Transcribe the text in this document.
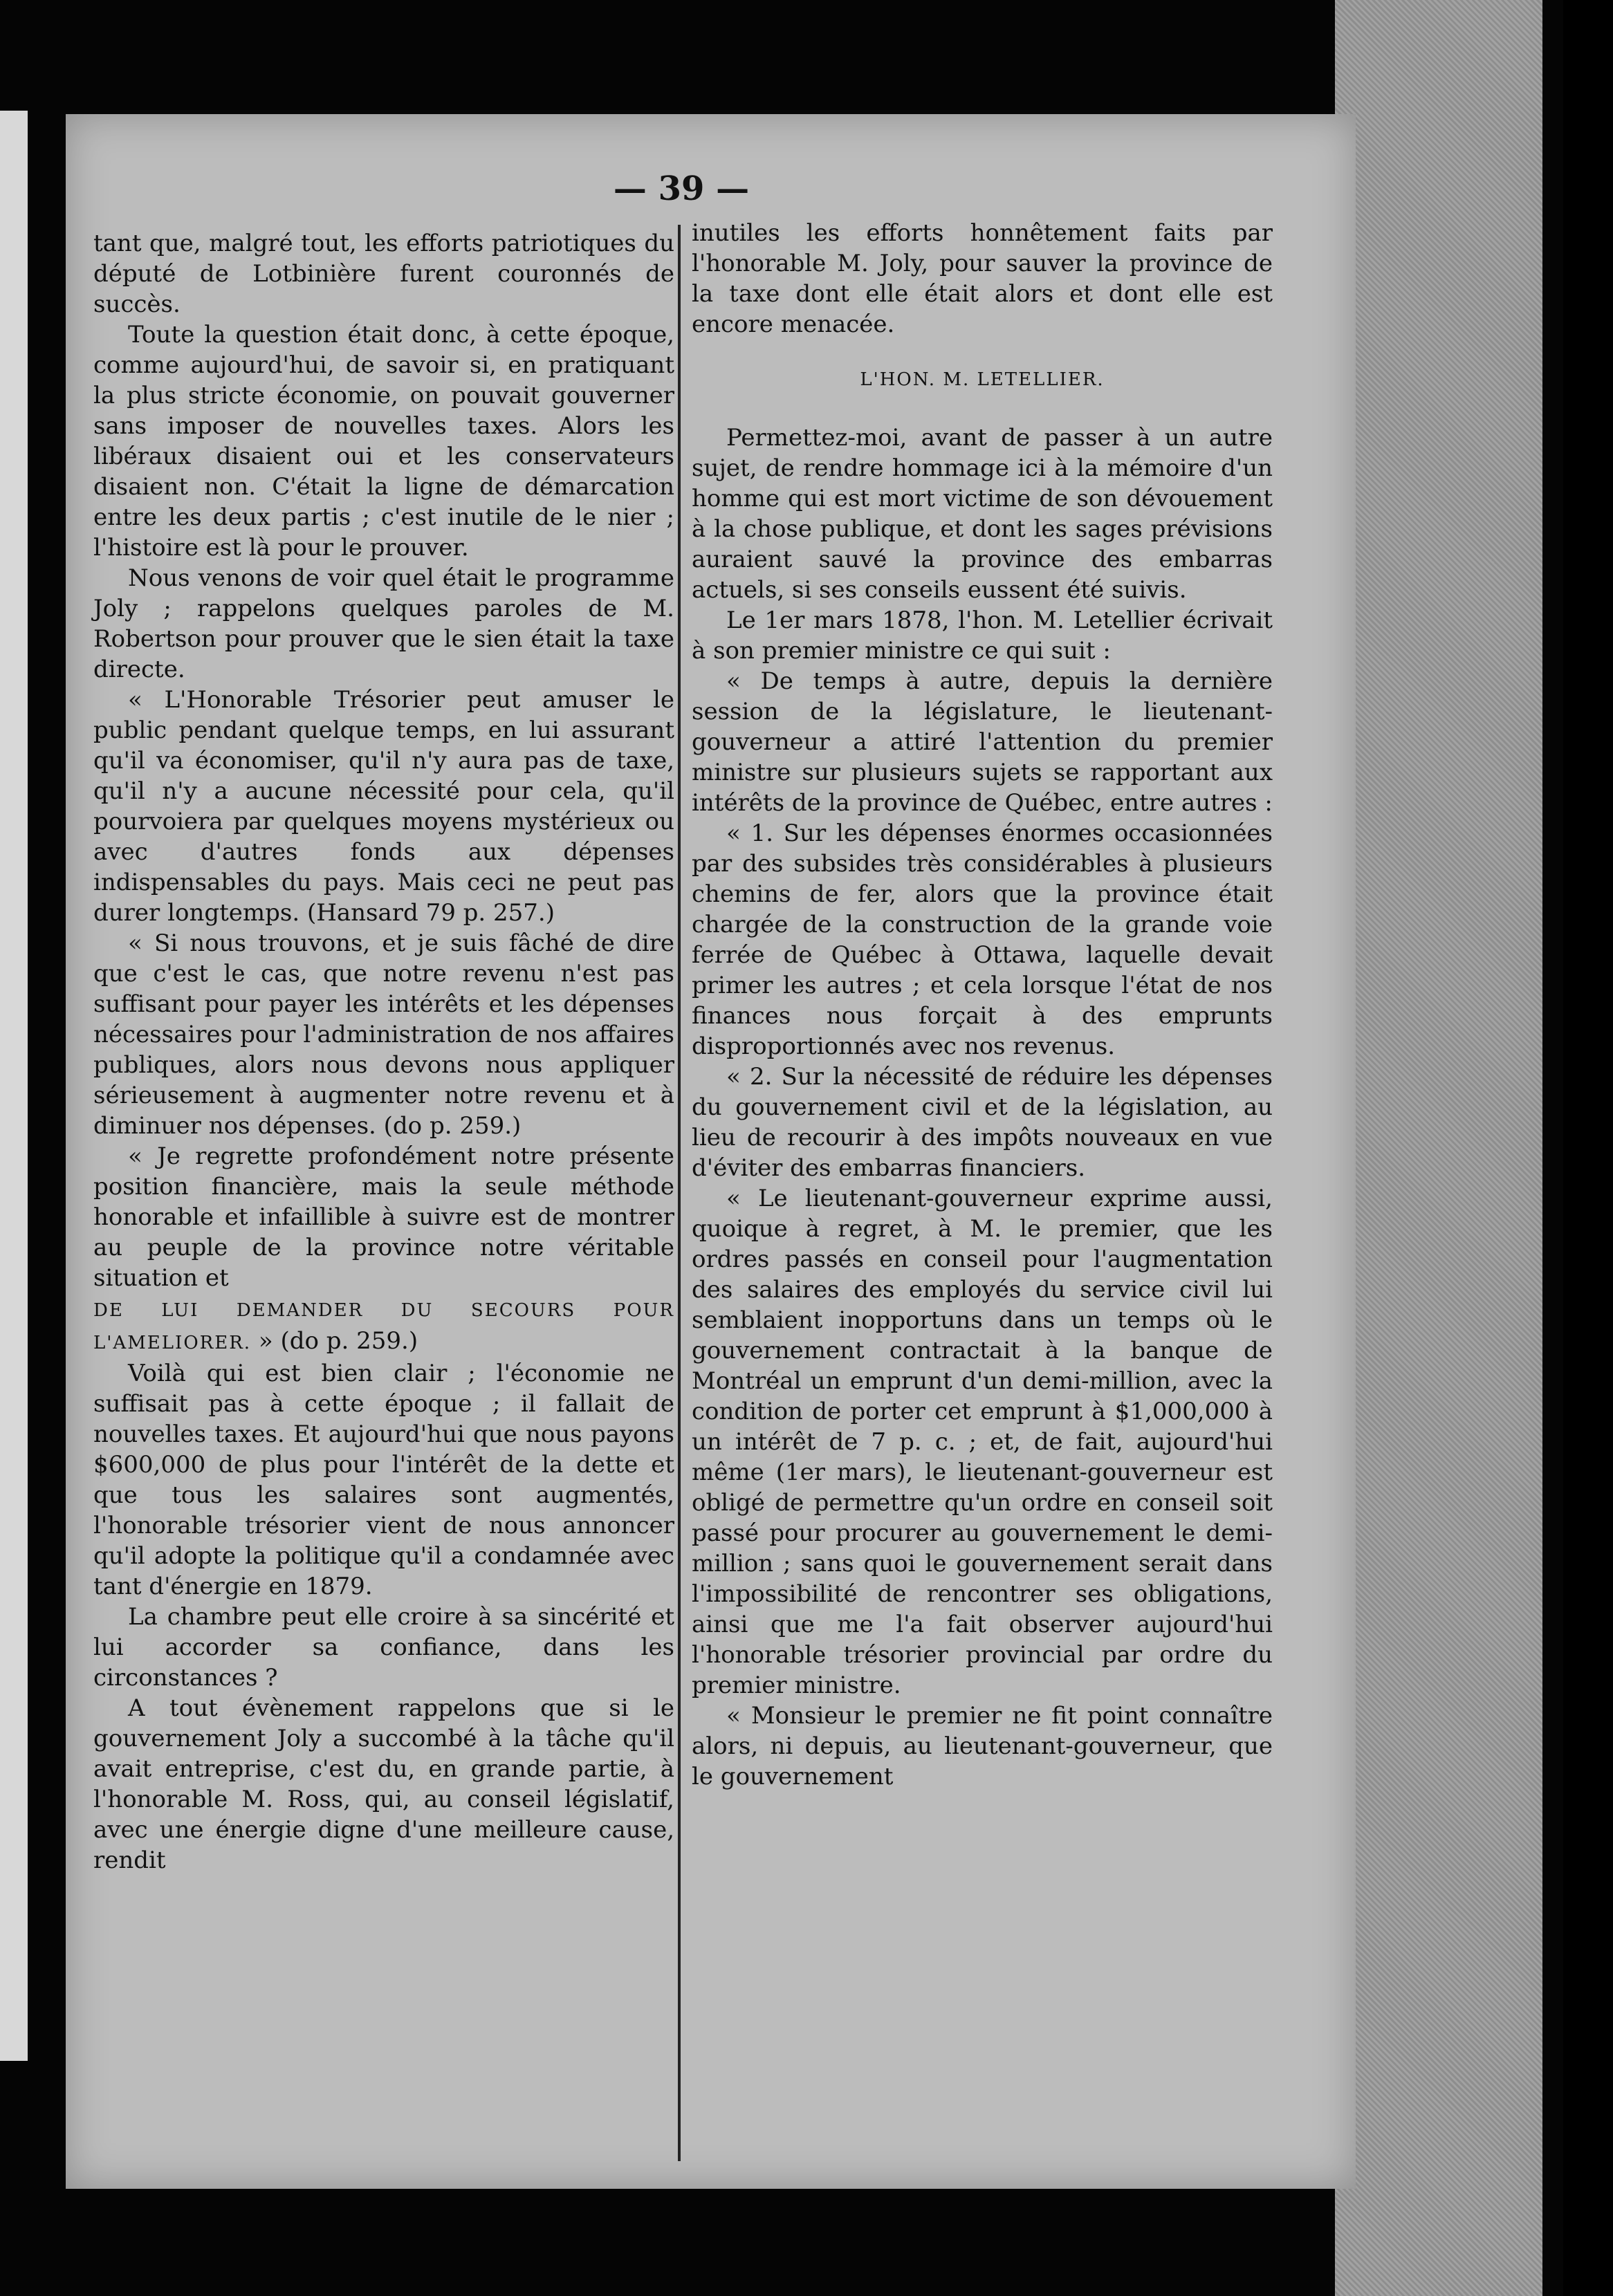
— 39 —

tant que, malgré tout, les efforts patriotiques du député de Lotbinière furent couronnés de succès.

Toute la question était donc, à cette époque, comme aujourd'hui, de savoir si, en pratiquant la plus stricte économie, on pouvait gouverner sans imposer de nouvelles taxes. Alors les libéraux disaient oui et les conservateurs disaient non. C'était la ligne de démarcation entre les deux partis ; c'est inutile de le nier ; l'histoire est là pour le prouver.

Nous venons de voir quel était le programme Joly ; rappelons quelques paroles de M. Robertson pour prouver que le sien était la taxe directe.

« L'Honorable Trésorier peut amuser le public pendant quelque temps, en lui assurant qu'il va économiser, qu'il n'y aura pas de taxe, qu'il n'y a aucune nécessité pour cela, qu'il pourvoiera par quelques moyens mystérieux ou avec d'autres fonds aux dépenses indispensables du pays. Mais ceci ne peut pas durer longtemps. (Hansard 79 p. 257.)

« Si nous trouvons, et je suis fâché de dire que c'est le cas, que notre revenu n'est pas suffisant pour payer les intérêts et les dépenses nécessaires pour l'administration de nos affaires publiques, alors nous devons nous appliquer sérieusement à augmenter notre revenu et à diminuer nos dépenses. (do p. 259.)

« Je regrette profondément notre présente position financière, mais la seule méthode honorable et infaillible à suivre est de montrer au peuple de la province notre véritable situation et

DE LUI DEMANDER DU SECOURS POUR L'AMELIORER. » (do p. 259.)

Voilà qui est bien clair ; l'économie ne suffisait pas à cette époque ; il fallait de nouvelles taxes. Et aujourd'hui que nous payons $600,000 de plus pour l'intérêt de la dette et que tous les salaires sont augmentés, l'honorable trésorier vient de nous annoncer qu'il adopte la politique qu'il a condamnée avec tant d'énergie en 1879.

La chambre peut elle croire à sa sincérité et lui accorder sa confiance, dans les circonstances ?

A tout évènement rappelons que si le gouvernement Joly a succombé à la tâche qu'il avait entreprise, c'est du, en grande partie, à l'honorable M. Ross, qui, au conseil législatif, avec une énergie digne d'une meilleure cause, rendit

inutiles les efforts honnêtement faits par l'honorable M. Joly, pour sauver la province de la taxe dont elle était alors et dont elle est encore menacée.

L'HON. M. LETELLIER.

Permettez-moi, avant de passer à un autre sujet, de rendre hommage ici à la mémoire d'un homme qui est mort victime de son dévouement à la chose publique, et dont les sages prévisions auraient sauvé la province des embarras actuels, si ses conseils eussent été suivis.

Le 1er mars 1878, l'hon. M. Letellier écrivait à son premier ministre ce qui suit :

« De temps à autre, depuis la dernière session de la législature, le lieutenant-gouverneur a attiré l'attention du premier ministre sur plusieurs sujets se rapportant aux intérêts de la province de Québec, entre autres :

« 1. Sur les dépenses énormes occasionnées par des subsides très considérables à plusieurs chemins de fer, alors que la province était chargée de la construction de la grande voie ferrée de Québec à Ottawa, laquelle devait primer les autres ; et cela lorsque l'état de nos finances nous forçait à des emprunts disproportionnés avec nos revenus.

« 2. Sur la nécessité de réduire les dépenses du gouvernement civil et de la législation, au lieu de recourir à des impôts nouveaux en vue d'éviter des embarras financiers.

« Le lieutenant-gouverneur exprime aussi, quoique à regret, à M. le premier, que les ordres passés en conseil pour l'augmentation des salaires des employés du service civil lui semblaient inopportuns dans un temps où le gouvernement contractait à la banque de Montréal un emprunt d'un demi-million, avec la condition de porter cet emprunt à $1,000,000 à un intérêt de 7 p. c. ; et, de fait, aujourd'hui même (1er mars), le lieutenant-gouverneur est obligé de permettre qu'un ordre en conseil soit passé pour procurer au gouvernement le demi-million ; sans quoi le gouvernement serait dans l'impossibilité de rencontrer ses obligations, ainsi que me l'a fait observer aujourd'hui l'honorable trésorier provincial par ordre du premier ministre.

« Monsieur le premier ne fit point connaître alors, ni depuis, au lieutenant-gouverneur, que le gouvernement
